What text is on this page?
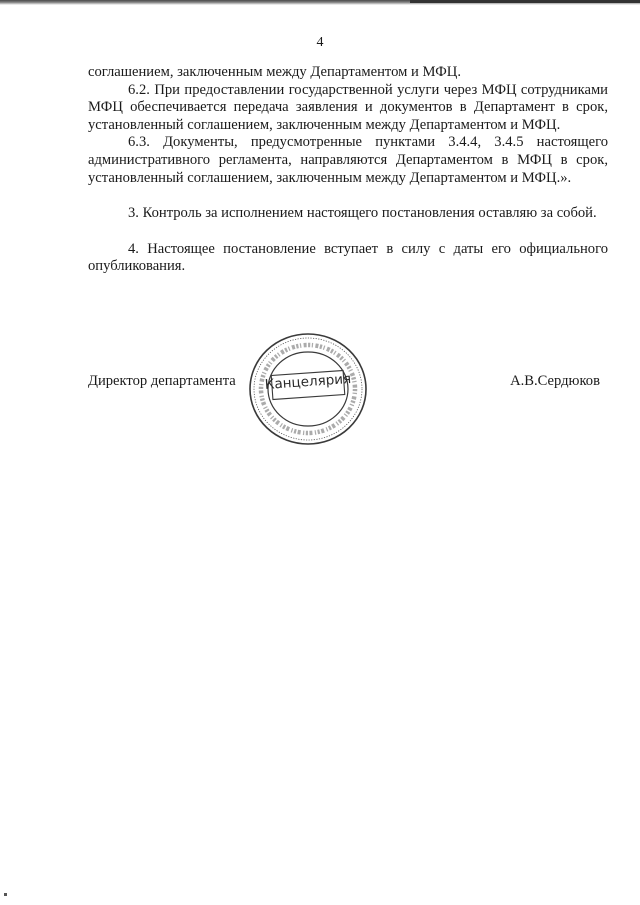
4

соглашением, заключенным между Департаментом и МФЦ.

6.2. При предоставлении государственной услуги через МФЦ сотрудниками МФЦ обеспечивается передача заявления и документов в Департамент в срок, установленный соглашением, заключенным между Департаментом и МФЦ.

6.3. Документы, предусмотренные пунктами 3.4.4, 3.4.5 настоящего административного регламента, направляются Департаментом в МФЦ в срок, установленный соглашением, заключенным между Департаментом и МФЦ.».

3. Контроль за исполнением настоящего постановления оставляю за собой.

4. Настоящее постановление вступает в силу с даты его официального опубликования.

Директор департамента	А.В.Сердюков
Канцелярия
